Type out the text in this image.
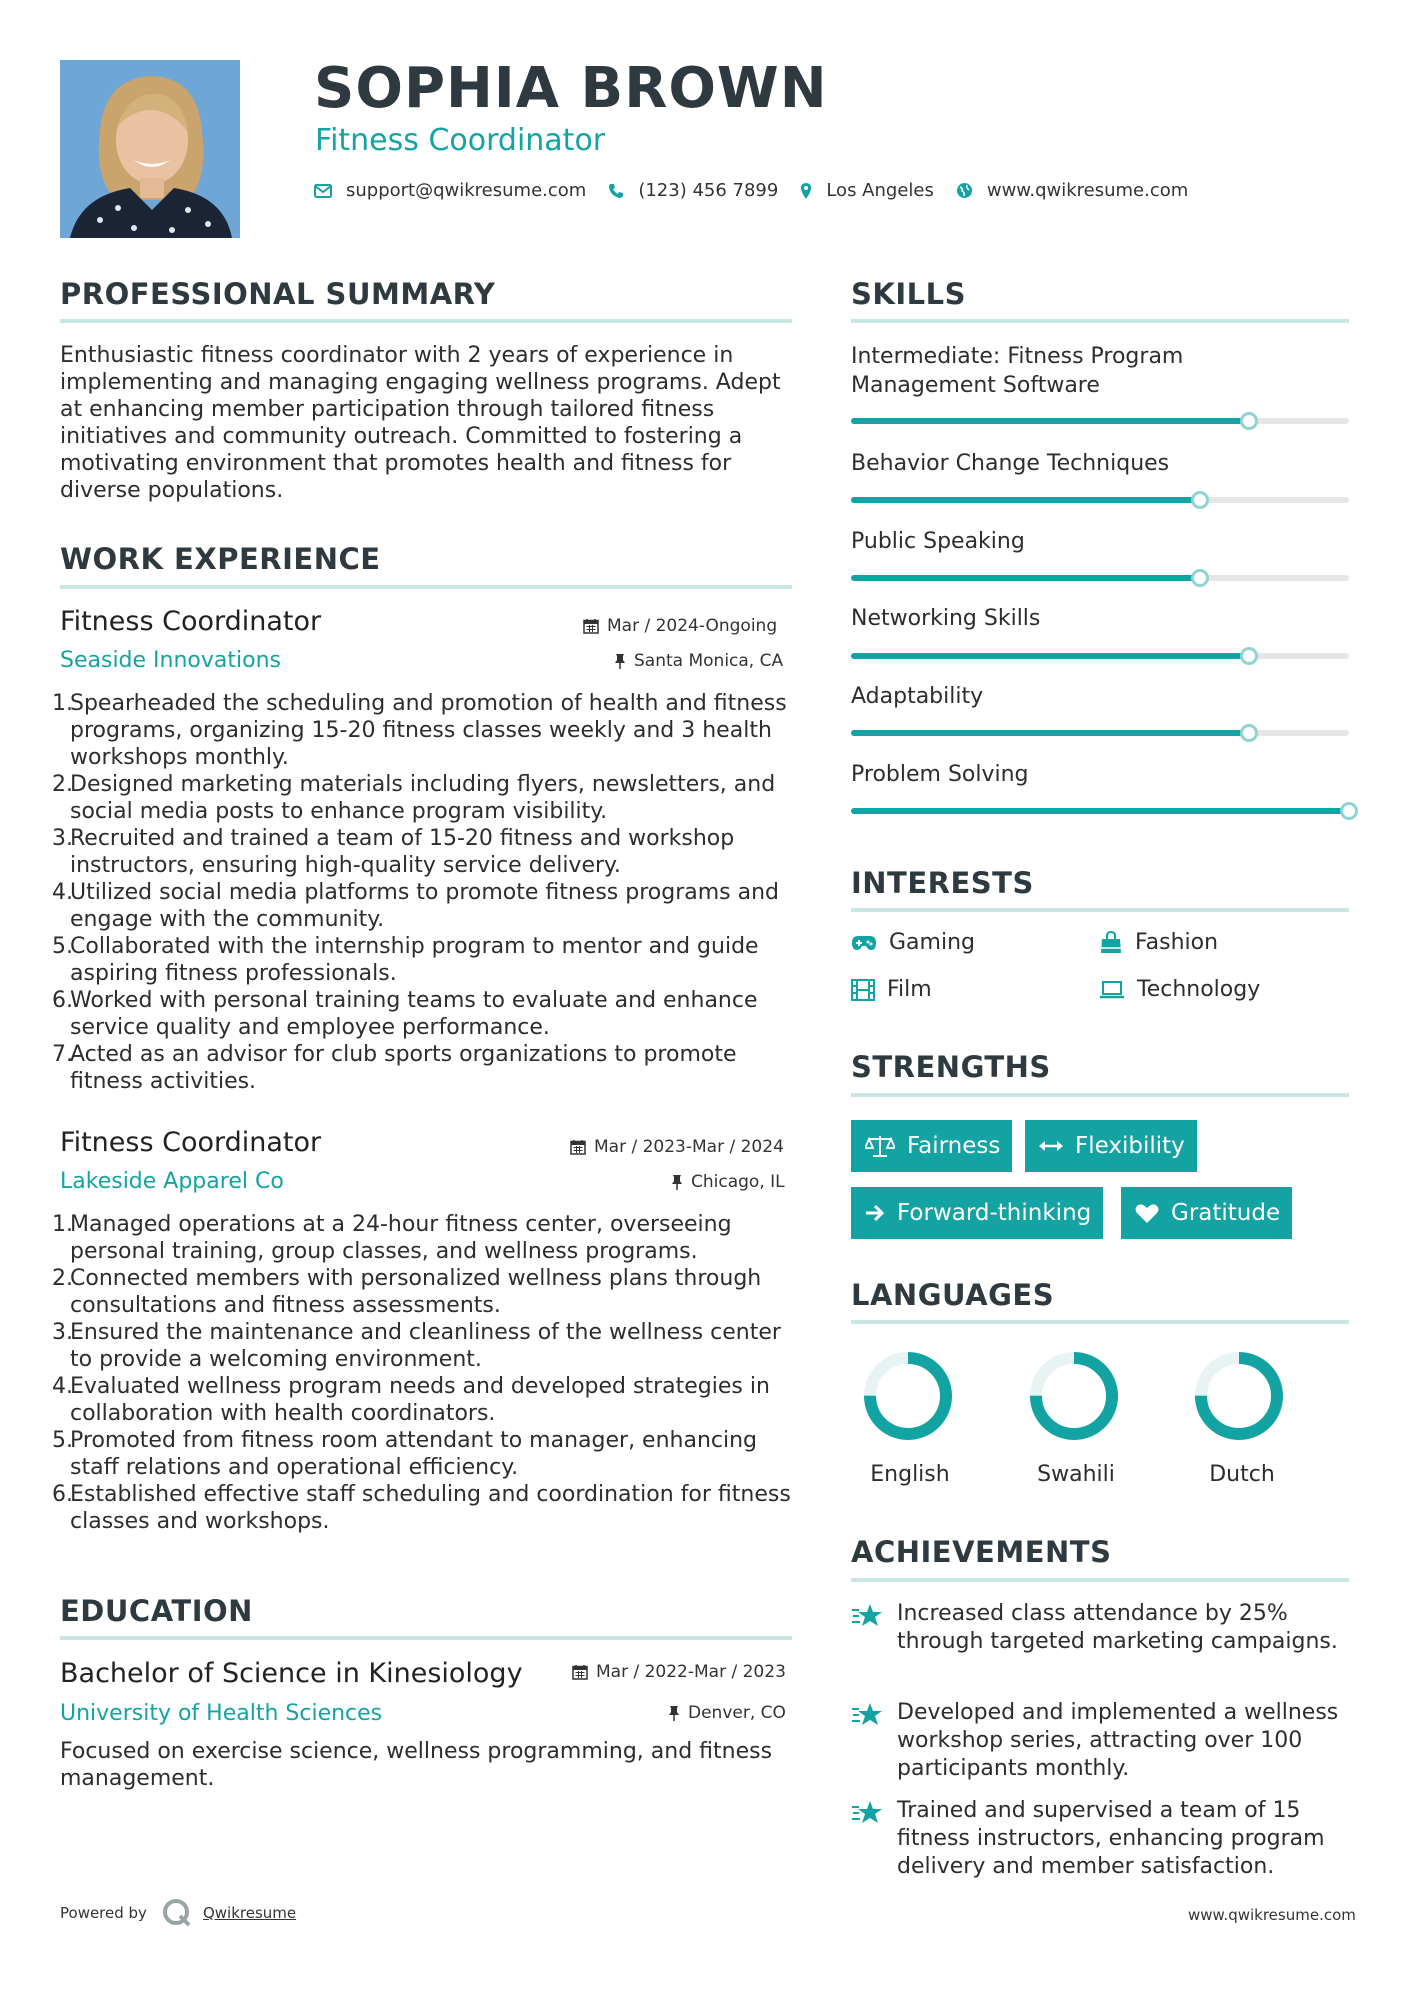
SOPHIA BROWN
Fitness Coordinator
support@qwikresume.com	(123) 456 7899	Los Angeles	www.qwikresume.com
PROFESSIONAL SUMMARY
Enthusiastic fitness coordinator with 2 years of experience in implementing and managing engaging wellness programs. Adept at enhancing member participation through tailored fitness initiatives and community outreach. Committed to fostering a motivating environment that promotes health and fitness for diverse populations.
WORK EXPERIENCE
Fitness Coordinator	Mar / 2024-Ongoing
Seaside Innovations	Santa Monica, CA
1.
Spearheaded the scheduling and promotion of health and fitness programs, organizing 15-20 fitness classes weekly and 3 health workshops monthly.
2.
Designed marketing materials including flyers, newsletters, and social media posts to enhance program visibility.
3.
Recruited and trained a team of 15-20 fitness and workshop instructors, ensuring high-quality service delivery.
4.
Utilized social media platforms to promote fitness programs and engage with the community.
5.
Collaborated with the internship program to mentor and guide aspiring fitness professionals.
6.
Worked with personal training teams to evaluate and enhance service quality and employee performance.
7.
Acted as an advisor for club sports organizations to promote fitness activities.
Fitness Coordinator	Mar / 2023-Mar / 2024
Lakeside Apparel Co	Chicago, IL
1.
Managed operations at a 24-hour fitness center, overseeing personal training, group classes, and wellness programs.
2.
Connected members with personalized wellness plans through consultations and fitness assessments.
3.
Ensured the maintenance and cleanliness of the wellness center to provide a welcoming environment.
4.
Evaluated wellness program needs and developed strategies in collaboration with health coordinators.
5.
Promoted from fitness room attendant to manager, enhancing staff relations and operational efficiency.
6.
Established effective staff scheduling and coordination for fitness classes and workshops.
EDUCATION
Bachelor of Science in Kinesiology	Mar / 2022-Mar / 2023
University of Health Sciences	Denver, CO
Focused on exercise science, wellness programming, and fitness management.
SKILLS
Intermediate: Fitness Program Management Software
Behavior Change Techniques
Public Speaking
Networking Skills
Adaptability
Problem Solving
INTERESTS
Gaming	Fashion
Film	Technology
STRENGTHS
Fairness	Flexibility
Forward-thinking	Gratitude
LANGUAGES
English	Swahili	Dutch
ACHIEVEMENTS
Increased class attendance by 25% through targeted marketing campaigns.
Developed and implemented a wellness workshop series, attracting over 100 participants monthly.
Trained and supervised a team of 15 fitness instructors, enhancing program delivery and member satisfaction.
Powered by	Qwikresume	www.qwikresume.com
